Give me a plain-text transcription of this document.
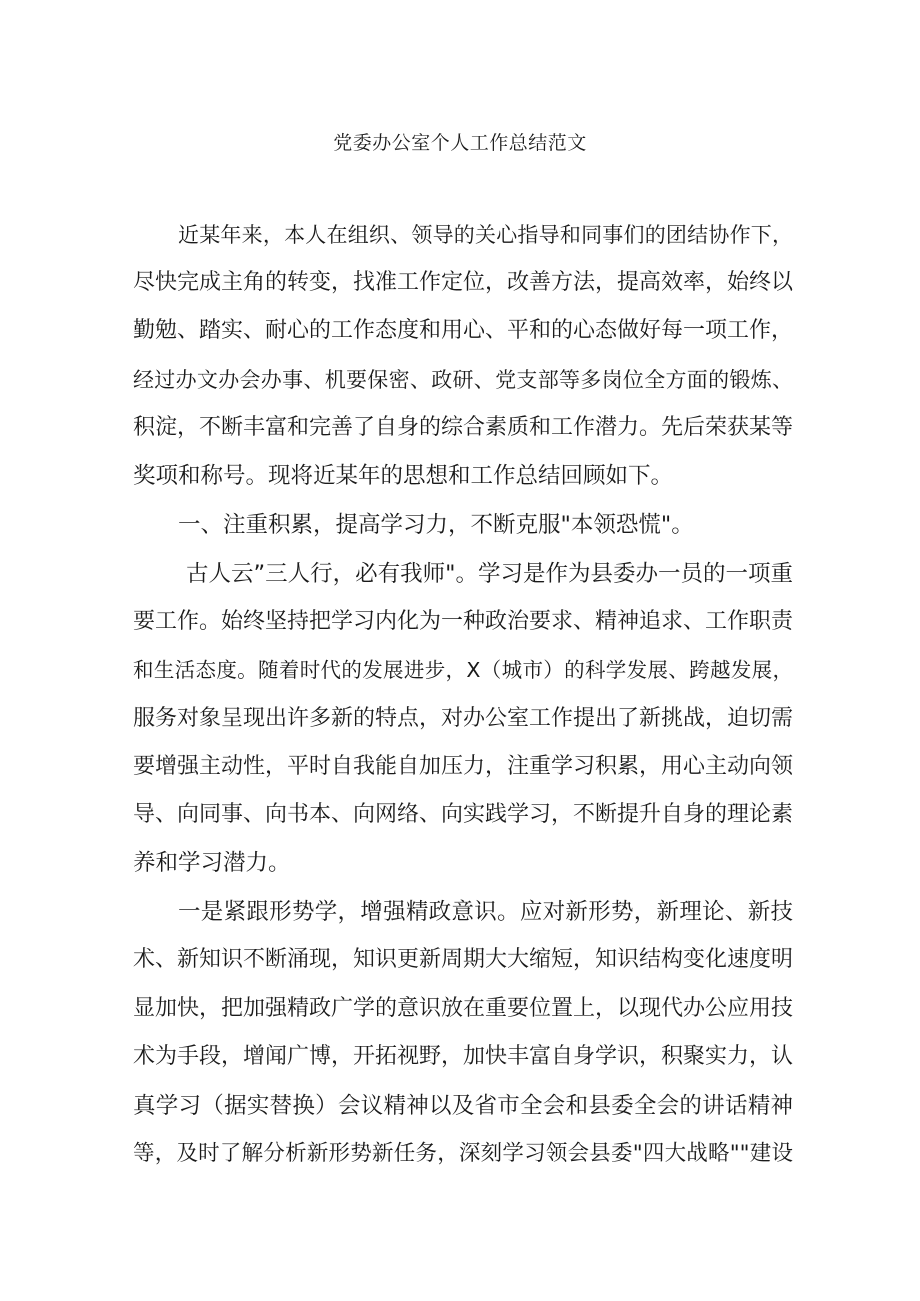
党委办公室个人工作总结范文

近某年来，本人在组织、领导的关心指导和同事们的团结协作下，

尽快完成主角的转变，找准工作定位，改善方法，提高效率，始终以

勤勉、踏实、耐心的工作态度和用心、平和的心态做好每一项工作，

经过办文办会办事、机要保密、政研、党支部等多岗位全方面的锻炼、

积淀，不断丰富和完善了自身的综合素质和工作潜力。先后荣获某等

奖项和称号。现将近某年的思想和工作总结回顾如下。

一、注重积累，提高学习力，不断克服"本领恐慌"。

古人云”三人行，必有我师"。学习是作为县委办一员的一项重

要工作。始终坚持把学习内化为一种政治要求、精神追求、工作职责

和生活态度。随着时代的发展进步，X（城市）的科学发展、跨越发展，

服务对象呈现出许多新的特点，对办公室工作提出了新挑战，迫切需

要增强主动性，平时自我能自加压力，注重学习积累，用心主动向领

导、向同事、向书本、向网络、向实践学习，不断提升自身的理论素

养和学习潜力。

一是紧跟形势学，增强精政意识。应对新形势，新理论、新技

术、新知识不断涌现，知识更新周期大大缩短，知识结构变化速度明

显加快，把加强精政广学的意识放在重要位置上，以现代办公应用技

术为手段，增闻广博，开拓视野，加快丰富自身学识，积聚实力，认

真学习（据实替换）会议精神以及省市全会和县委全会的讲话精神

等，及时了解分析新形势新任务，深刻学习领会县委"四大战略""建设
